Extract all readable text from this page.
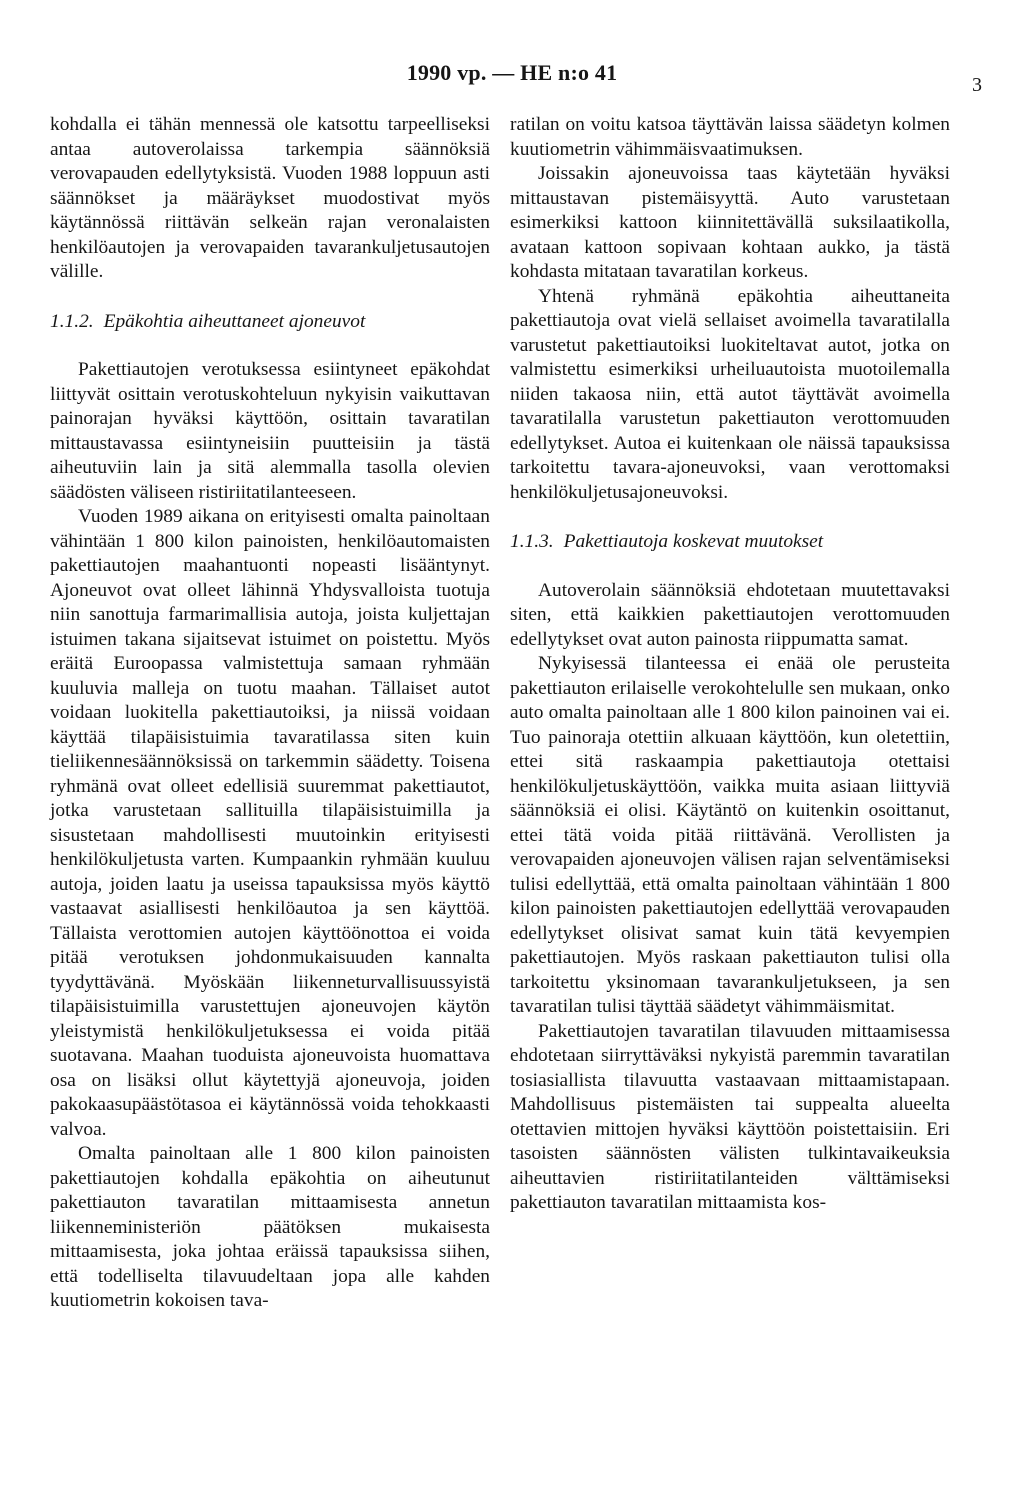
1990 vp. — HE n:o 41	3

kohdalla ei tähän mennessä ole katsottu tarpeelliseksi antaa autoverolaissa tarkempia säännöksiä verovapauden edellytyksistä. Vuoden 1988 loppuun asti säännökset ja määräykset muodostivat myös käytännössä riittävän selkeän rajan veronalaisten henkilöautojen ja verovapaiden tavarankuljetusautojen välille.

1.1.2. Epäkohtia aiheuttaneet ajoneuvot

Pakettiautojen verotuksessa esiintyneet epäkohdat liittyvät osittain verotuskohteluun nykyisin vaikuttavan painorajan hyväksi käyttöön, osittain tavaratilan mittaustavassa esiintyneisiin puutteisiin ja tästä aiheutuviin lain ja sitä alemmalla tasolla olevien säädösten väliseen ristiriitatilanteeseen.

Vuoden 1989 aikana on erityisesti omalta painoltaan vähintään 1 800 kilon painoisten, henkilöautomaisten pakettiautojen maahantuonti nopeasti lisääntynyt. Ajoneuvot ovat olleet lähinnä Yhdysvalloista tuotuja niin sanottuja farmarimallisia autoja, joista kuljettajan istuimen takana sijaitsevat istuimet on poistettu. Myös eräitä Euroopassa valmistettuja samaan ryhmään kuuluvia malleja on tuotu maahan. Tällaiset autot voidaan luokitella pakettiautoiksi, ja niissä voidaan käyttää tilapäisistuimia tavaratilassa siten kuin tieliikennesäännöksissä on tarkemmin säädetty. Toisena ryhmänä ovat olleet edellisiä suuremmat pakettiautot, jotka varustetaan sallituilla tilapäisistuimilla ja sisustetaan mahdollisesti muutoinkin erityisesti henkilökuljetusta varten. Kumpaankin ryhmään kuuluu autoja, joiden laatu ja useissa tapauksissa myös käyttö vastaavat asiallisesti henkilöautoa ja sen käyttöä. Tällaista verottomien autojen käyttöönottoa ei voida pitää verotuksen johdonmukaisuuden kannalta tyydyttävänä. Myöskään liikenneturvallisuussyistä tilapäisistuimilla varustettujen ajoneuvojen käytön yleistymistä henkilökuljetuksessa ei voida pitää suotavana. Maahan tuoduista ajoneuvoista huomattava osa on lisäksi ollut käytettyjä ajoneuvoja, joiden pakokaasupäästötasoa ei käytännössä voida tehokkaasti valvoa.

Omalta painoltaan alle 1 800 kilon painoisten pakettiautojen kohdalla epäkohtia on aiheutunut pakettiauton tavaratilan mittaamisesta annetun liikenneministeriön päätöksen mukaisesta mittaamisesta, joka johtaa eräissä tapauksissa siihen, että todelliselta tilavuudeltaan jopa alle kahden kuutiometrin kokoisen tava-

ratilan on voitu katsoa täyttävän laissa säädetyn kolmen kuutiometrin vähimmäisvaatimuksen.

Joissakin ajoneuvoissa taas käytetään hyväksi mittaustavan pistemäisyyttä. Auto varustetaan esimerkiksi kattoon kiinnitettävällä suksilaatikolla, avataan kattoon sopivaan kohtaan aukko, ja tästä kohdasta mitataan tavaratilan korkeus.

Yhtenä ryhmänä epäkohtia aiheuttaneita pakettiautoja ovat vielä sellaiset avoimella tavaratilalla varustetut pakettiautoiksi luokiteltavat autot, jotka on valmistettu esimerkiksi urheiluautoista muotoilemalla niiden takaosa niin, että autot täyttävät avoimella tavaratilalla varustetun pakettiauton verottomuuden edellytykset. Autoa ei kuitenkaan ole näissä tapauksissa tarkoitettu tavara-ajoneuvoksi, vaan verottomaksi henkilökuljetusajoneuvoksi.

1.1.3. Pakettiautoja koskevat muutokset

Autoverolain säännöksiä ehdotetaan muutettavaksi siten, että kaikkien pakettiautojen verottomuuden edellytykset ovat auton painosta riippumatta samat.

Nykyisessä tilanteessa ei enää ole perusteita pakettiauton erilaiselle verokohtelulle sen mukaan, onko auto omalta painoltaan alle 1 800 kilon painoinen vai ei. Tuo painoraja otettiin alkuaan käyttöön, kun oletettiin, ettei sitä raskaampia pakettiautoja otettaisi henkilökuljetuskäyttöön, vaikka muita asiaan liittyviä säännöksiä ei olisi. Käytäntö on kuitenkin osoittanut, ettei tätä voida pitää riittävänä. Verollisten ja verovapaiden ajoneuvojen välisen rajan selventämiseksi tulisi edellyttää, että omalta painoltaan vähintään 1 800 kilon painoisten pakettiautojen edellyttää verovapauden edellytykset olisivat samat kuin tätä kevyempien pakettiautojen. Myös raskaan pakettiauton tulisi olla tarkoitettu yksinomaan tavarankuljetukseen, ja sen tavaratilan tulisi täyttää säädetyt vähimmäismitat.

Pakettiautojen tavaratilan tilavuuden mittaamisessa ehdotetaan siirryttäväksi nykyistä paremmin tavaratilan tosiasiallista tilavuutta vastaavaan mittaamistapaan. Mahdollisuus pistemäisten tai suppealta alueelta otettavien mittojen hyväksi käyttöön poistettaisiin. Eri tasoisten säännösten välisten tulkintavaikeuksia aiheuttavien ristiriitatilanteiden välttämiseksi pakettiauton tavaratilan mittaamista kos-
